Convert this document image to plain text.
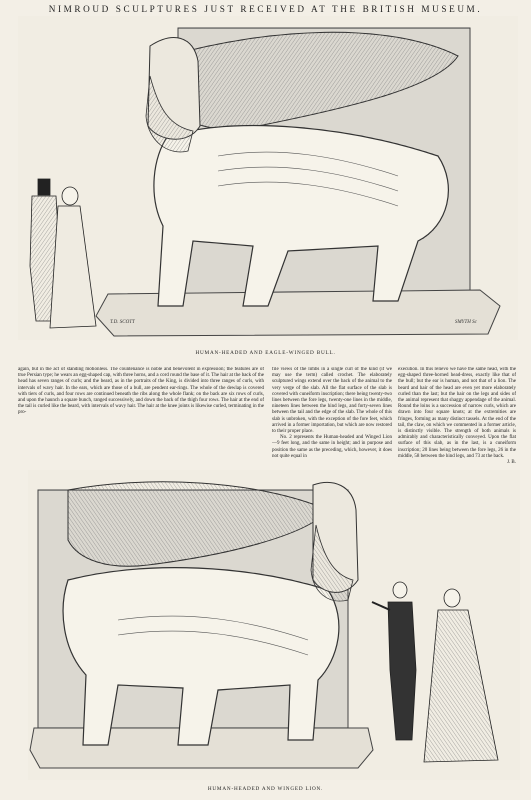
NIMROUD SCULPTURES JUST RECEIVED AT THE BRITISH MUSEUM.
T.D. SCOTT	SMYTH Sc
HUMAN-HEADED AND EAGLE-WINGED BULL.

again, but in the act of standing motionless. The countenance is noble and benevolent in expression; the features are of true Persian type; he wears an egg-shaped cap, with three horns, and a cord round the base of it. The hair at the back of the head has seven ranges of curls; and the beard, as in the portraits of the King, is divided into three ranges of curls, with intervals of wavy hair. In the ears, which are those of a bull, are pendent ear-rings. The whole of the dewlap is covered with tiers of curls, and four rows are continued beneath the ribs along the whole flank; on the back are six rows of curls, and upon the haunch a square bunch, ranged successively, and down the back of the thigh four rows. The hair at the end of the tail is curled like the beard, with intervals of wavy hair. The hair at the knee joints is likewise curled, terminating in the pro-

file views of the limbs in a single curl of the kind (if we may use the term) called crochet. The elaborately sculptured wings extend over the back of the animal to the very verge of the slab. All the flat surface of the slab is covered with cuneiform inscription; there being twenty-two lines between the fore legs, twenty-one lines in the middle, nineteen lines between the hind legs, and forty-seven lines between the tail and the edge of the slab. The whole of this slab is unbroken, with the exception of the fore feet, which arrived in a former importation, but which are now restored to their proper place.

No. 2 represents the Human-headed and Winged Lion—9 feet long, and the same in height; and in purpose and position the same as the preceding, which, however, it does not quite equal in

execution. In this relievo we have the same head, with the egg-shaped three-horned head-dress, exactly like that of the bull; but the ear is human, and not that of a lion. The beard and hair of the head are even yet more elaborately curled than the last; but the hair on the legs and sides of the animal represent that shaggy appendage of the animal. Round the loins is a succession of narrow curls, which are drawn into four square knots; at the extremities are fringes, forming as many distinct tassels. At the end of the tail, the claw, on which we commented in a former article, is distinctly visible. The strength of both animals is admirably and characteristically conveyed. Upon the flat surface of this slab, as in the last, is a cuneiform inscription; 20 lines being between the fore legs, 26 in the middle, 58 between the hind legs, and 73 at the back.

J. B.
HUMAN-HEADED AND WINGED LION.
